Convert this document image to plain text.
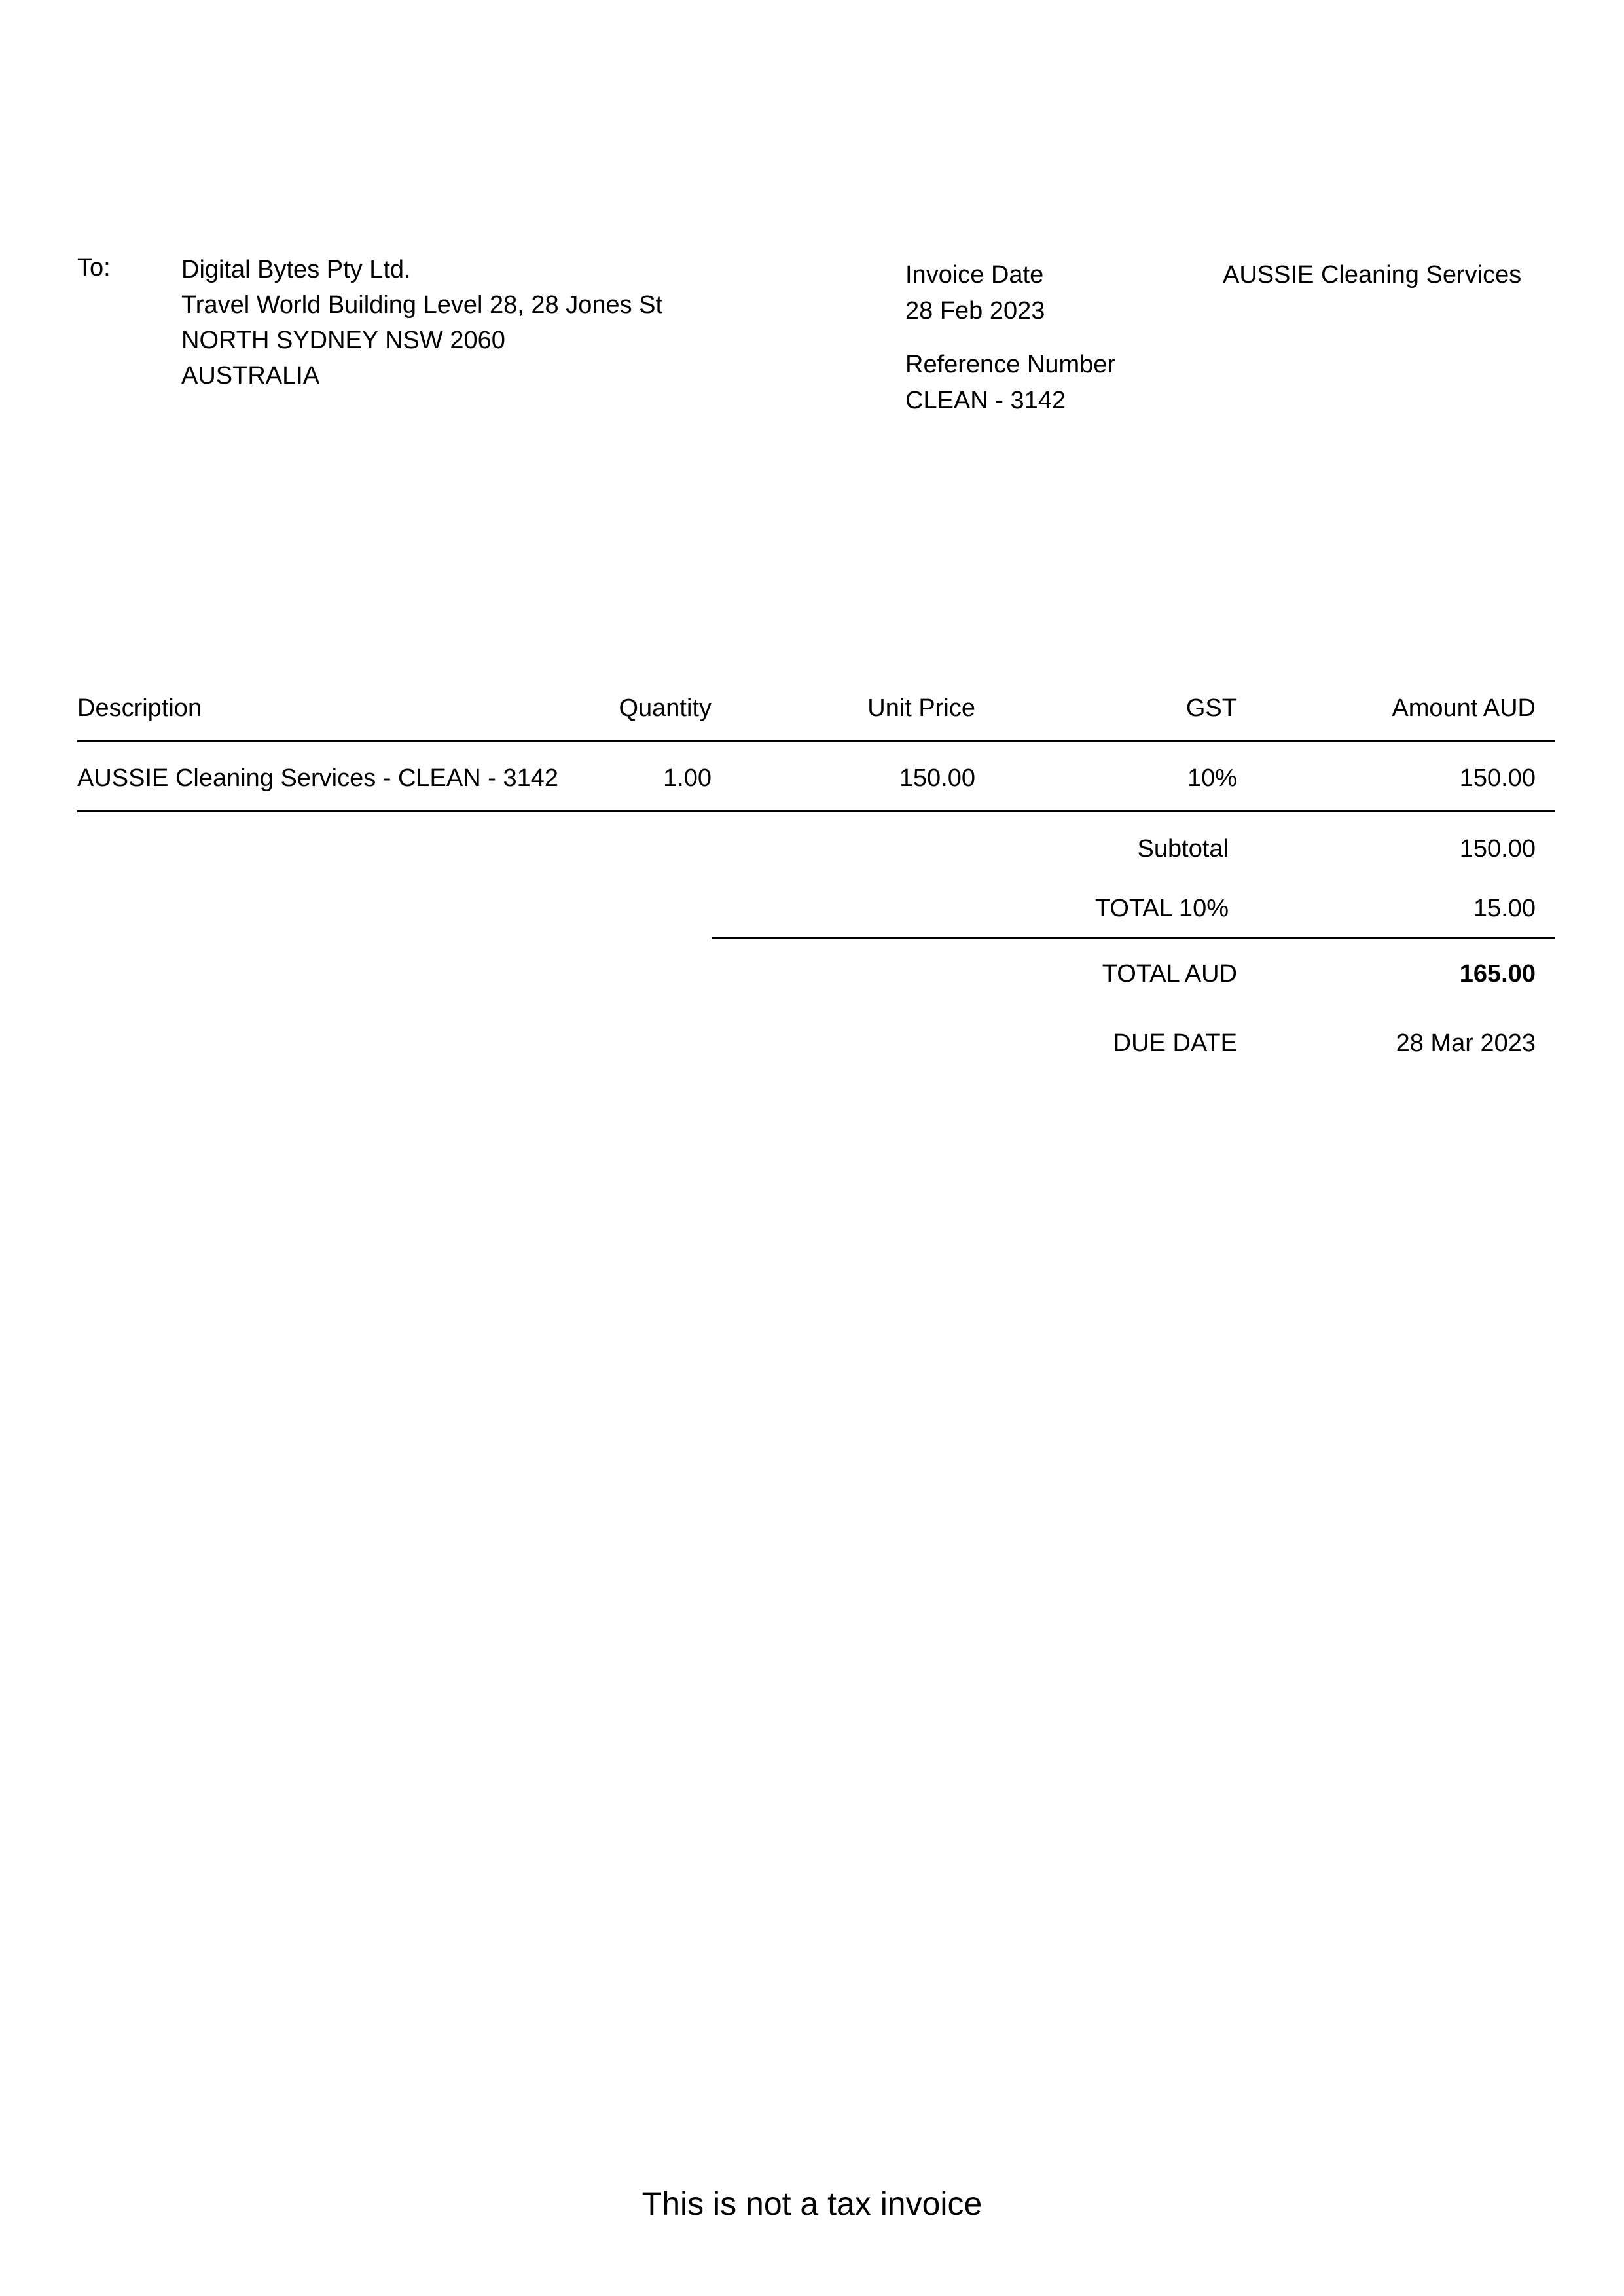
To:	Digital Bytes Pty Ltd.
Travel World Building Level 28, 28 Jones St
NORTH SYDNEY NSW 2060
AUSTRALIA
Invoice Date
28 Feb 2023
Reference Number
CLEAN - 3142
AUSSIE Cleaning Services
Description	Quantity	Unit Price	GST	Amount AUD
AUSSIE Cleaning Services - CLEAN - 3142	1.00	150.00	10%	150.00
Subtotal	150.00
TOTAL 10%	15.00
TOTAL AUD	165.00
DUE DATE	28 Mar 2023
This is not a tax invoice
